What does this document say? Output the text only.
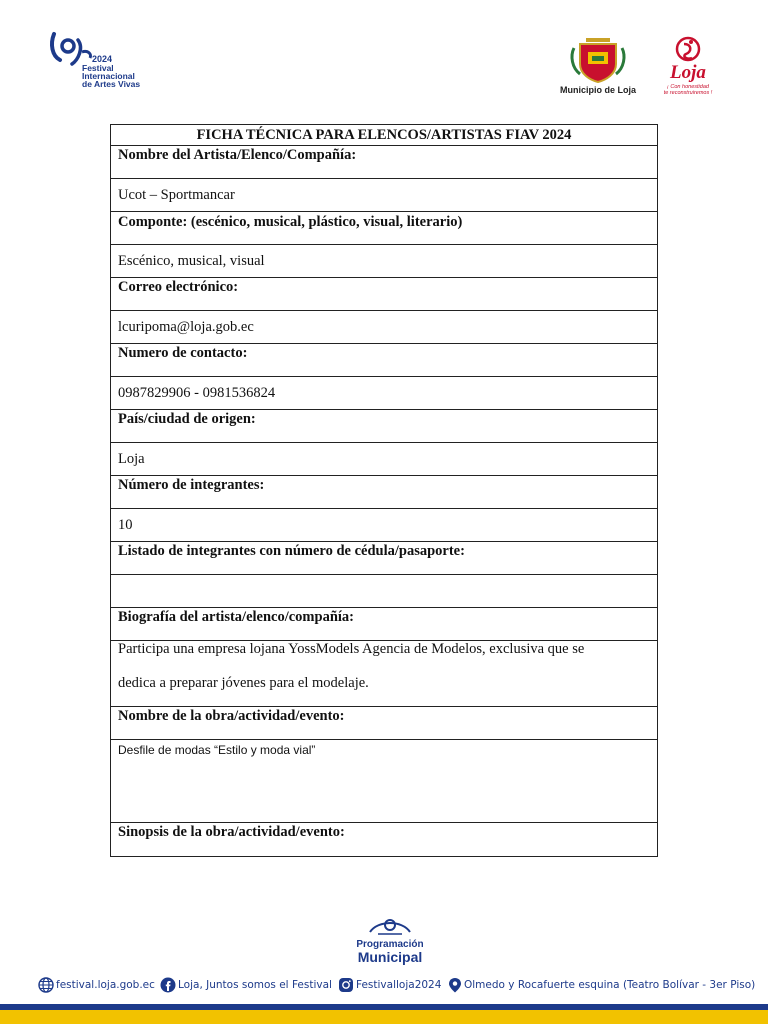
2024
Festival
Internacional
de Artes Vivas
Municipio de Loja
Loja
¡ Con honestidad
te reconstruiremos !
FICHA TÉCNICA PARA ELENCOS/ARTISTAS FIAV 2024
Nombre del Artista/Elenco/Compañía:
Ucot – Sportmancar
Componte: (escénico, musical, plástico, visual, literario)
Escénico, musical, visual
Correo electrónico:
lcuripoma@loja.gob.ec
Numero de contacto:
0987829906 - 0981536824
País/ciudad de origen:
Loja
Número de integrantes:
10
Listado de integrantes con número de cédula/pasaporte:
Biografía del artista/elenco/compañía:
Participa una empresa lojana YossModels Agencia de Modelos, exclusiva que se
dedica a preparar jóvenes para el modelaje.
Nombre de la obra/actividad/evento:
Desfile de modas “Estilo y moda vial”
Sinopsis de la obra/actividad/evento:
Programación
Municipal
festival.loja.gob.ec Loja, Juntos somos el Festival Festivalloja2024 Olmedo y Rocafuerte esquina (Teatro Bolívar - 3er Piso)
